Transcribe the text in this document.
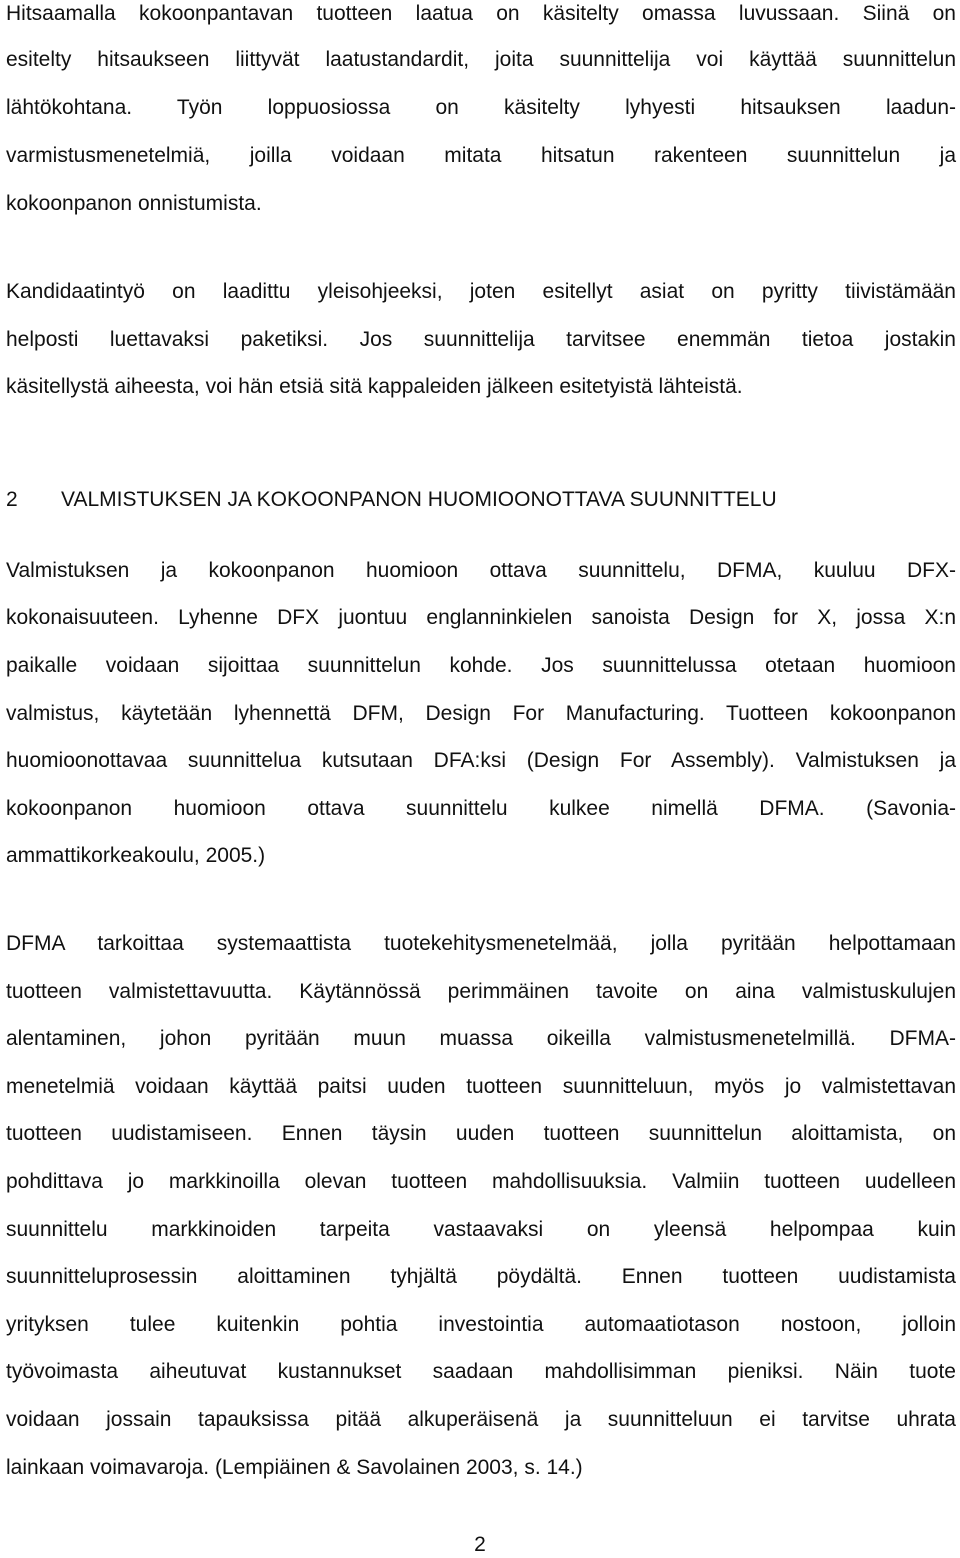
Hitsaamalla kokoonpantavan tuotteen laatua on käsitelty omassa luvussaan. Siinä on
esitelty hitsaukseen liittyvät laatustandardit, joita suunnittelija voi käyttää suunnittelun
lähtökohtana. Työn loppuosiossa on käsitelty lyhyesti hitsauksen laadun-
varmistusmenetelmiä, joilla voidaan mitata hitsatun rakenteen suunnittelun ja
kokoonpanon onnistumista.
Kandidaatintyö on laadittu yleisohjeeksi, joten esitellyt asiat on pyritty tiivistämään
helposti luettavaksi paketiksi. Jos suunnittelija tarvitsee enemmän tietoa jostakin
käsitellystä aiheesta, voi hän etsiä sitä kappaleiden jälkeen esitetyistä lähteistä.
2 VALMISTUKSEN JA KOKOONPANON HUOMIOONOTTAVA SUUNNITTELU
Valmistuksen ja kokoonpanon huomioon ottava suunnittelu, DFMA, kuuluu DFX-
kokonaisuuteen. Lyhenne DFX juontuu englanninkielen sanoista Design for X, jossa X:n
paikalle voidaan sijoittaa suunnittelun kohde. Jos suunnittelussa otetaan huomioon
valmistus, käytetään lyhennettä DFM, Design For Manufacturing. Tuotteen kokoonpanon
huomioonottavaa suunnittelua kutsutaan DFA:ksi (Design For Assembly). Valmistuksen ja
kokoonpanon huomioon ottava suunnittelu kulkee nimellä DFMA. (Savonia-
ammattikorkeakoulu, 2005.)
DFMA tarkoittaa systemaattista tuotekehitysmenetelmää, jolla pyritään helpottamaan
tuotteen valmistettavuutta. Käytännössä perimmäinen tavoite on aina valmistuskulujen
alentaminen, johon pyritään muun muassa oikeilla valmistusmenetelmillä. DFMA-
menetelmiä voidaan käyttää paitsi uuden tuotteen suunnitteluun, myös jo valmistettavan
tuotteen uudistamiseen. Ennen täysin uuden tuotteen suunnittelun aloittamista, on
pohdittava jo markkinoilla olevan tuotteen mahdollisuuksia. Valmiin tuotteen uudelleen
suunnittelu markkinoiden tarpeita vastaavaksi on yleensä helpompaa kuin
suunnitteluprosessin aloittaminen tyhjältä pöydältä. Ennen tuotteen uudistamista
yrityksen tulee kuitenkin pohtia investointia automaatiotason nostoon, jolloin
työvoimasta aiheutuvat kustannukset saadaan mahdollisimman pieniksi. Näin tuote
voidaan jossain tapauksissa pitää alkuperäisenä ja suunnitteluun ei tarvitse uhrata
lainkaan voimavaroja. (Lempiäinen & Savolainen 2003, s. 14.)
2
